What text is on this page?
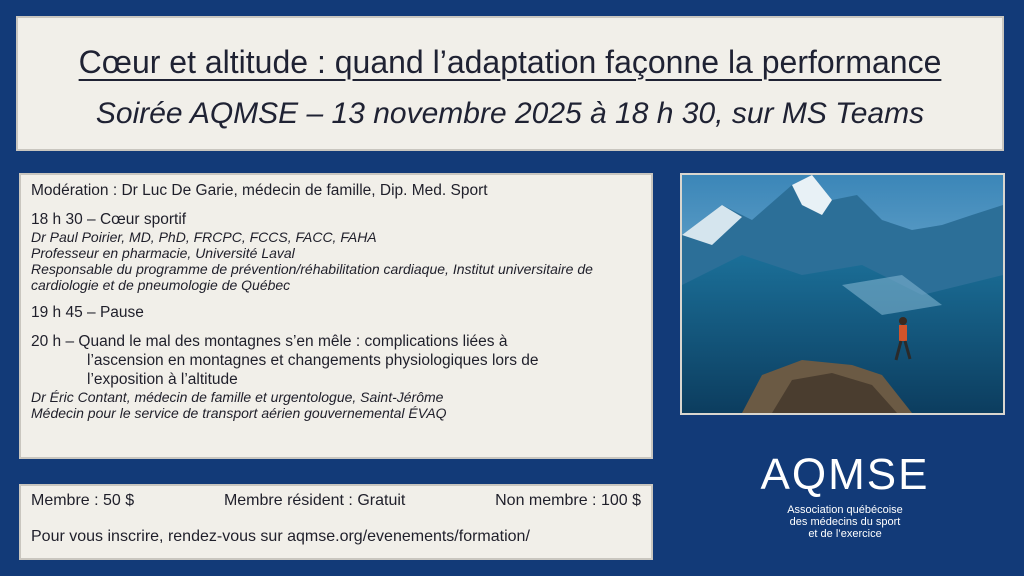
Cœur et altitude : quand l’adaptation façonne la performance
Soirée AQMSE – 13 novembre 2025 à 18 h 30, sur MS Teams

Modération : Dr Luc De Garie, médecin de famille, Dip. Med. Sport

18 h 30 – Cœur sportif

Dr Paul Poirier, MD, PhD, FRCPC, FCCS, FACC, FAHA

Professeur en pharmacie, Université Laval

Responsable du programme de prévention/réhabilitation cardiaque, Institut universitaire de cardiologie et de pneumologie de Québec

19 h 45 – Pause

20 h – Quand le mal des montagnes s’en mêle : complications liées à

l’ascension en montagnes et changements physiologiques lors de

l’exposition à l’altitude

Dr Éric Contant, médecin de famille et urgentologue, Saint-Jérôme

Médecin pour le service de transport aérien gouvernemental ÉVAQ

Membre : 50 $	Membre résident : Gratuit	Non membre : 100 $
Pour vous inscrire, rendez-vous sur aqmse.org/evenements/formation/
AQMSE
Association québécoise
des médecins du sport
et de l’exercice
